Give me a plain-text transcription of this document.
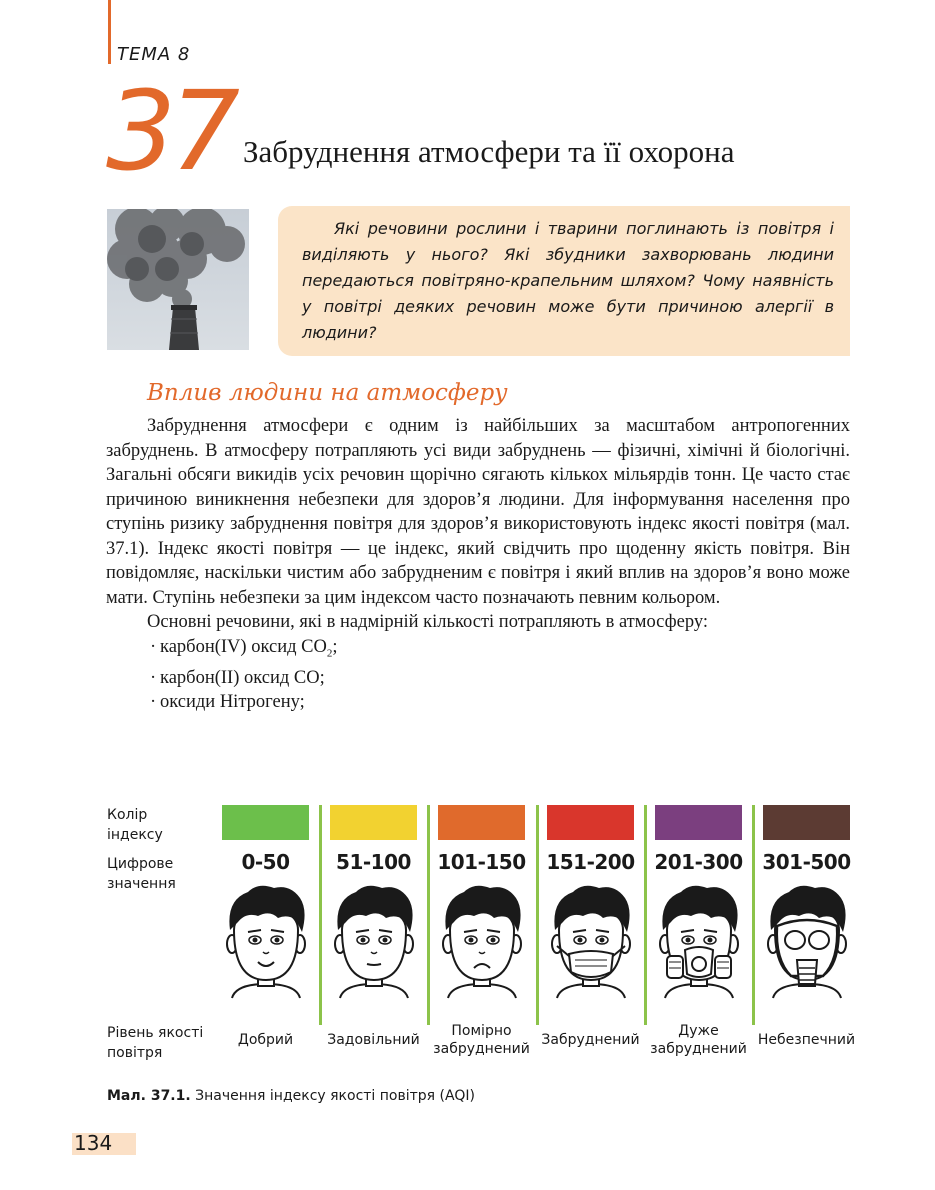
ТЕМА 8
37 Забруднення атмосфери та її охорона

Які речовини рослини і тварини поглинають із повітря і виділяють у нього? Які збудники захворювань людини передаються повітряно-крапельним шляхом? Чому наявність у повітрі деяких речовин може бути причиною алергії в людини?

Вплив людини на атмосферу

Забруднення атмосфери є одним із найбільших за масштабом антропогенних забруднень. В атмосферу потрапляють усі види забруднень — фізичні, хімічні й біологічні. Загальні обсяги викидів усіх речовин щорічно сягають кількох мільярдів тонн. Це часто стає причиною виникнення небезпеки для здоров’я людини. Для інформування населення про ступінь ризику забруднення повітря для здоров’я використовують індекс якості повітря (мал. 37.1). Індекс якості повітря — це індекс, який свідчить про щоденну якість повітря. Він повідомляє, наскільки чистим або забрудненим є повітря і який вплив на здоров’я воно може мати. Ступінь небезпеки за цим індексом часто позначають певним кольором.

Основні речовини, які в надмірній кількості потрапляють в атмосферу:

· карбон(IV) оксид $CO_2$;
· карбон(II) оксид CO;
· оксиди Нітрогену;
Колір
індексу
Цифрове
значення
Рівень якості
повітря
0-50
Добрий
51-100
Задовільний
101-150
Помірно
забруднений
151-200
Забруднений
201-300
Дуже
забруднений
301-500
Небезпечний
Мал. 37.1. Значення індексу якості повітря (AQI)
134
